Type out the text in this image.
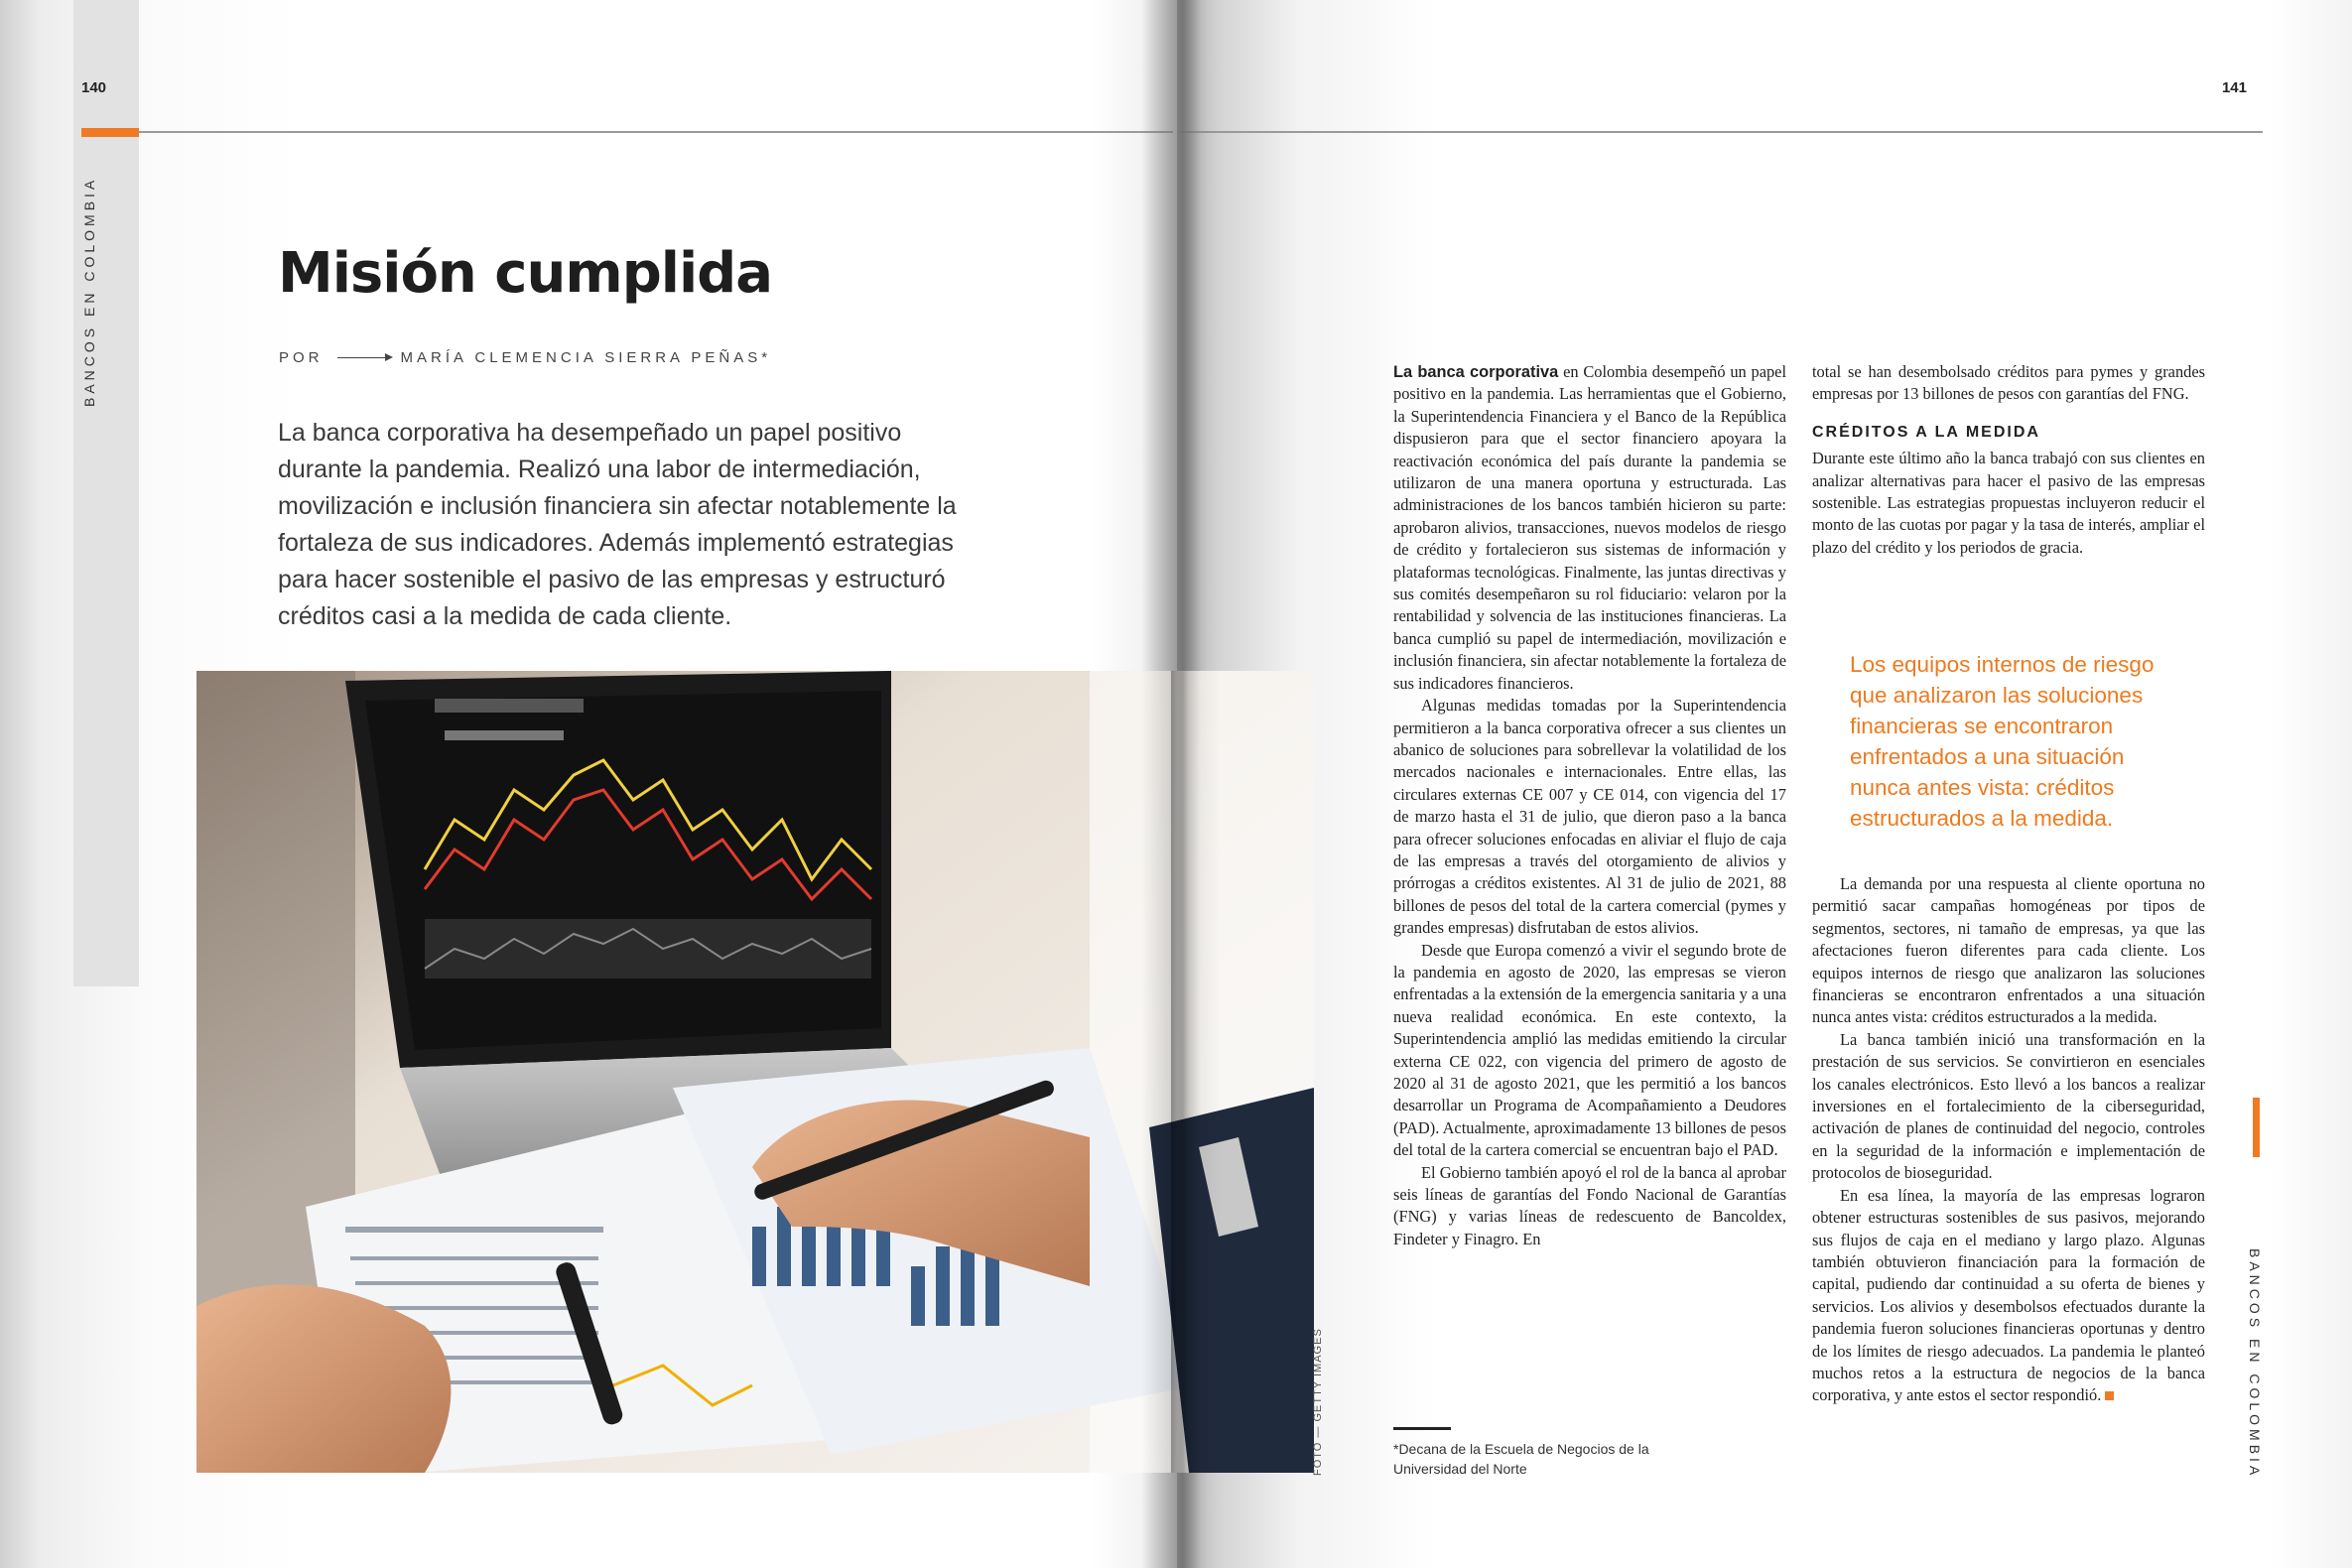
140
BANCOS EN COLOMBIA	Misión cumplida
POR	MARÍA CLEMENCIA SIERRA PEÑAS*

La banca corporativa ha desempeñado un papel positivo durante la pandemia. Realizó una labor de intermediación, movilización e inclusión financiera sin afectar notablemente la fortaleza de sus indicadores. Además implementó estrategias para hacer sostenible el pasivo de las empresas y estructuró créditos casi a la medida de cada cliente.

141
BANCOS EN COLOMBIA
FOTO — GETTY IMAGES

La banca corporativa en Colombia desempeñó un papel positivo en la pandemia. Las herramientas que el Gobierno, la Superintendencia Financiera y el Banco de la República dispusieron para que el sector financiero apoyara la reactivación económica del país durante la pandemia se utilizaron de una manera oportuna y estructurada. Las administraciones de los bancos también hicieron su parte: aprobaron alivios, transacciones, nuevos modelos de riesgo de crédito y fortalecieron sus sistemas de información y plataformas tecnológicas. Finalmente, las juntas directivas y sus comités desempeñaron su rol fiduciario: velaron por la rentabilidad y solvencia de las instituciones financieras. La banca cumplió su papel de intermediación, movilización e inclusión financiera, sin afectar notablemente la fortaleza de sus indicadores financieros.

Algunas medidas tomadas por la Superintendencia permitieron a la banca corporativa ofrecer a sus clientes un abanico de soluciones para sobrellevar la volatilidad de los mercados nacionales e internacionales. Entre ellas, las circulares externas CE 007 y CE 014, con vigencia del 17 de marzo hasta el 31 de julio, que dieron paso a la banca para ofrecer soluciones enfocadas en aliviar el flujo de caja de las empresas a través del otorgamiento de alivios y prórrogas a créditos existentes. Al 31 de julio de 2021, 88 billones de pesos del total de la cartera comercial (pymes y grandes empresas) disfrutaban de estos alivios.

Desde que Europa comenzó a vivir el segundo brote de la pandemia en agosto de 2020, las empresas se vieron enfrentadas a la extensión de la emergencia sanitaria y a una nueva realidad económica. En este contexto, la Superintendencia amplió las medidas emitiendo la circular externa CE 022, con vigencia del primero de agosto de 2020 al 31 de agosto 2021, que les permitió a los bancos desarrollar un Programa de Acompañamiento a Deudores (PAD). Actualmente, aproximadamente 13 billones de pesos del total de la cartera comercial se encuentran bajo el PAD.

El Gobierno también apoyó el rol de la banca al aprobar seis líneas de garantías del Fondo Nacional de Garantías (FNG) y varias líneas de redescuento de Bancoldex, Findeter y Finagro. En

total se han desembolsado créditos para pymes y grandes empresas por 13 billones de pesos con garantías del FNG.

CRÉDITOS A LA MEDIDA

Durante este último año la banca trabajó con sus clientes en analizar alternativas para hacer el pasivo de las empresas sostenible. Las estrategias propuestas incluyeron reducir el monto de las cuotas por pagar y la tasa de interés, ampliar el plazo del crédito y los periodos de gracia.

Los equipos internos de riesgo que analizaron las soluciones financieras se encontraron enfrentados a una situación nunca antes vista: créditos estructurados a la medida.

La demanda por una respuesta al cliente oportuna no permitió sacar campañas homogéneas por tipos de segmentos, sectores, ni tamaño de empresas, ya que las afectaciones fueron diferentes para cada cliente. Los equipos internos de riesgo que analizaron las soluciones financieras se encontraron enfrentados a una situación nunca antes vista: créditos estructurados a la medida.

La banca también inició una transformación en la prestación de sus servicios. Se convirtieron en esenciales los canales electrónicos. Esto llevó a los bancos a realizar inversiones en el fortalecimiento de la ciberseguridad, activación de planes de continuidad del negocio, controles en la seguridad de la información e implementación de protocolos de bioseguridad.

En esa línea, la mayoría de las empresas lograron obtener estructuras sostenibles de sus pasivos, mejorando sus flujos de caja en el mediano y largo plazo. Algunas también obtuvieron financiación para la formación de capital, pudiendo dar continuidad a su oferta de bienes y servicios. Los alivios y desembolsos efectuados durante la pandemia fueron soluciones financieras oportunas y dentro de los límites de riesgo adecuados. La pandemia le planteó muchos retos a la estructura de negocios de la banca corporativa, y ante estos el sector respondió.

*Decana de la Escuela de Negocios de la Universidad del Norte
